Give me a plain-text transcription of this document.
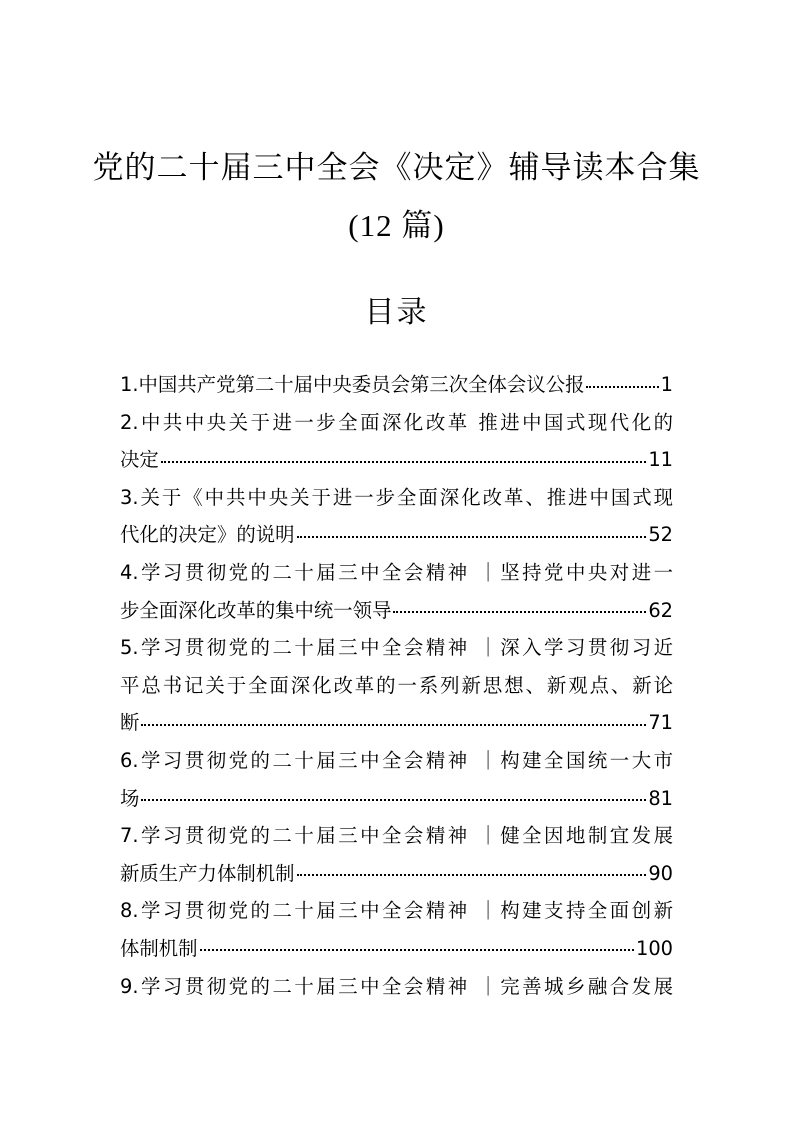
党的二十届三中全会《决定》辅导读本合集
(12 篇)
目录
1.中国共产党第二十届中央委员会第三次全体会议公报	1
2.中共中央关于进一步全面深化改革 推进中国式现代化的
决定	11
3.关于《中共中央关于进一步全面深化改革、推进中国式现
代化的决定》的说明	52
4.学习贯彻党的二十届三中全会精神 ｜坚持党中央对进一
步全面深化改革的集中统一领导	62
5.学习贯彻党的二十届三中全会精神 ｜深入学习贯彻习近
平总书记关于全面深化改革的一系列新思想、新观点、新论
断	71
6.学习贯彻党的二十届三中全会精神 ｜构建全国统一大市
场	81
7.学习贯彻党的二十届三中全会精神 ｜健全因地制宜发展
新质生产力体制机制	90
8.学习贯彻党的二十届三中全会精神 ｜构建支持全面创新
体制机制	100
9.学习贯彻党的二十届三中全会精神 ｜完善城乡融合发展
